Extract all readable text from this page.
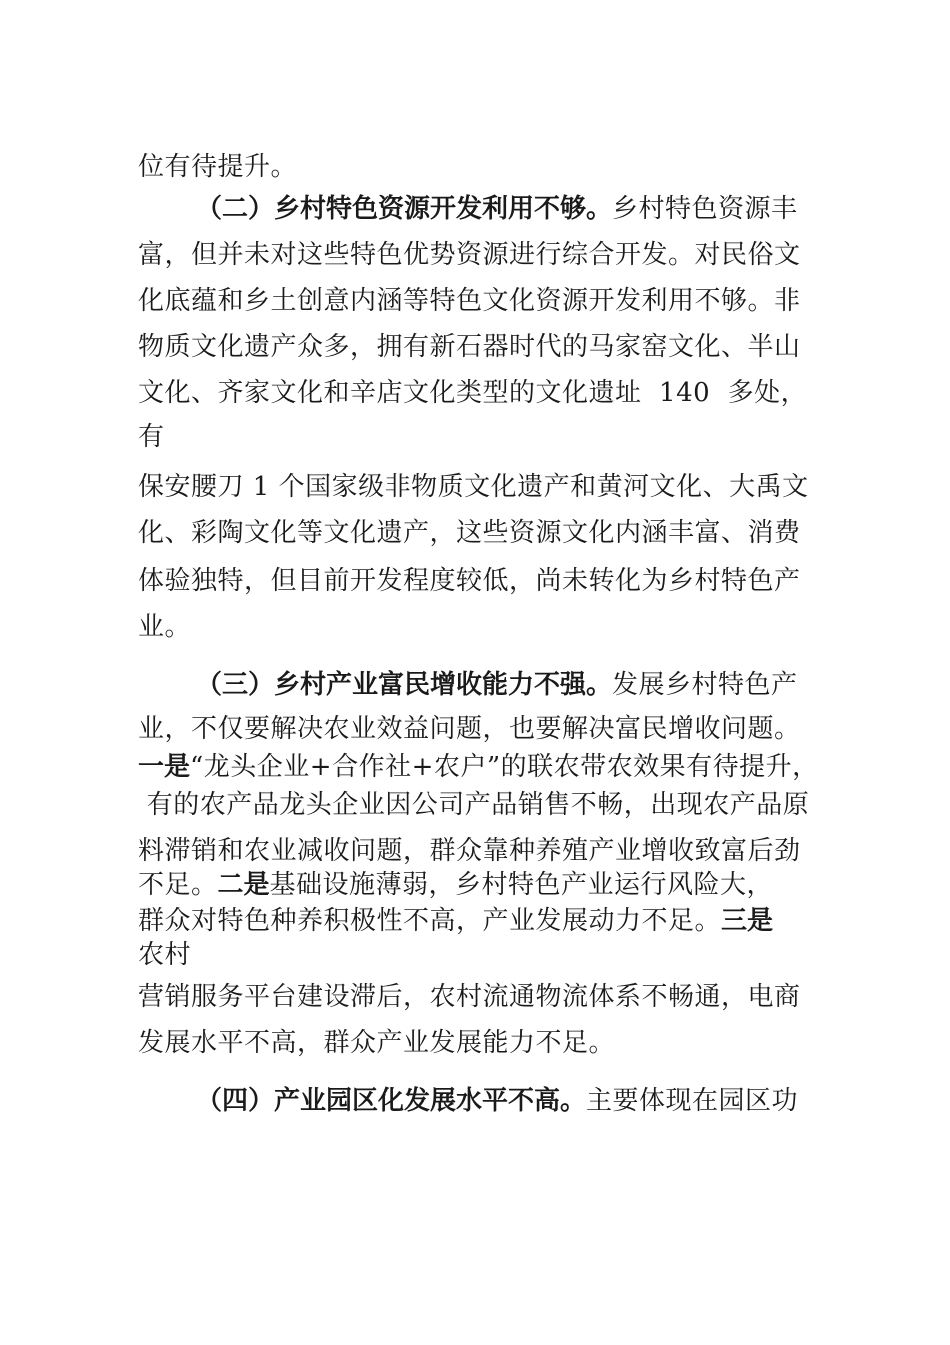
位有待提升。
（二）乡村特色资源开发利用不够。乡村特色资源丰
富，但并未对这些特色优势资源进行综合开发。对民俗文
化底蕴和乡土创意内涵等特色文化资源开发利用不够。非
物质文化遗产众多，拥有新石器时代的马家窑文化、半山
文化、齐家文化和辛店文化类型的文化遗址  140  多处，
有
保安腰刀 1 个国家级非物质文化遗产和黄河文化、大禹文
化、彩陶文化等文化遗产，这些资源文化内涵丰富、消费
体验独特，但目前开发程度较低，尚未转化为乡村特色产
业。
（三）乡村产业富民增收能力不强。发展乡村特色产
业，不仅要解决农业效益问题，也要解决富民增收问题。
一是“龙头企业+合作社+农户”的联农带农效果有待提升，
有的农产品龙头企业因公司产品销售不畅，出现农产品原
料滞销和农业减收问题，群众靠种养殖产业增收致富后劲
不足。二是基础设施薄弱，乡村特色产业运行风险大，
群众对特色种养积极性不高，产业发展动力不足。三是
农村
营销服务平台建设滞后，农村流通物流体系不畅通，电商
发展水平不高，群众产业发展能力不足。
（四）产业园区化发展水平不高。主要体现在园区功
